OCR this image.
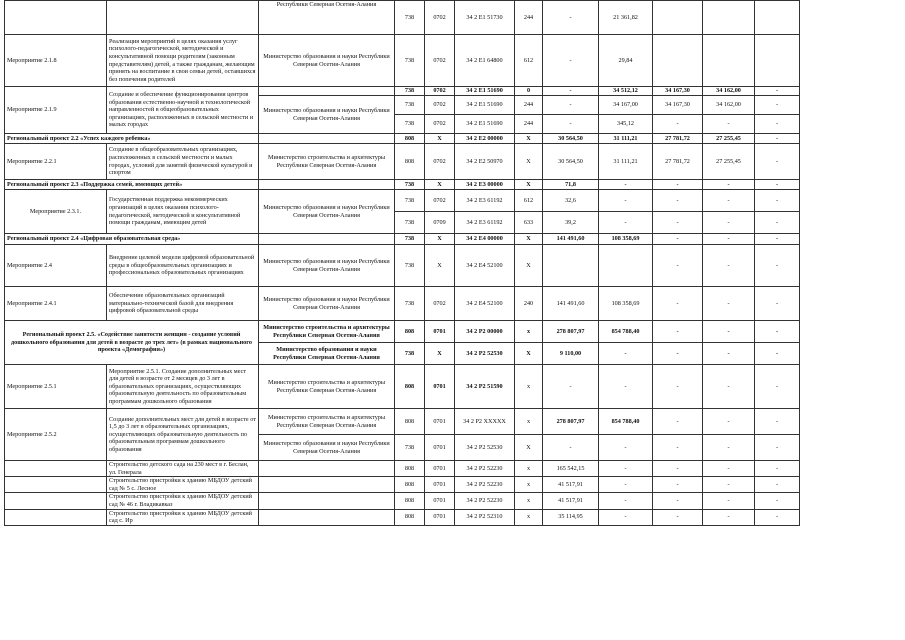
		Республики Северная Осетия-Алания	738	0702	34 2 E1 51730	244	-	21 361,82			
Мероприятие 2.1.8	Реализация мероприятий в целях оказания услуг психолого-педагогической, методической и консультативной помощи родителям (законным представителям) детей, а также гражданам, желающим принять на воспитание в свои семьи детей, оставшихся без попечения родителей	Министерство образования и науки Республики Северная Осетия-Алания	738	0702	34 2 E1 64800	612	-	29,84			
Мероприятие 2.1.9	Создание и обеспечение функционирования центров образования естественно-научной и технологической направленностей в общеобразовательных организациях, расположенных в сельской местности и малых городах		738	0702	34 2 E1 51690	0	-	34 512,12	34 167,30	34 162,00	-
		Министерство образования и науки Республики Северная Осетия-Алания	738	0702	34 2 E1 51690	244	-	34 167,00	34 167,30	34 162,00	-
			738	0702	34 2 E1 51690	244	-	345,12	-	-	-
Региональный проект 2.2 «Успех каждого ребенка»			808	X	34 2 E2 00000	X	30 564,50	31 111,21	27 781,72	27 255,45	-
Мероприятие 2.2.1	Создание в общеобразовательных организациях, расположенных в сельской местности и малых городах, условий для занятий физической культурой и спортом	Министерство строительства и архитектуры Республики Северная Осетия-Алания	808	0702	34 2 E2 50970	X	30 564,50	31 111,21	27 781,72	27 255,45	-
Региональный проект 2.3 «Поддержка семей, имеющих детей»			738	X	34 2 E3 00000	X	71,8	-	-	-	-
Мероприятие 2.3.1.	Государственная поддержка некоммерческих организаций в целях оказания психолого-педагогической, методической и консультативной помощи гражданам, имеющим детей	Министерство образования и науки Республики Северная Осетия-Алания	738	0702	34 2 E3 61192	612	32,6	-	-	-	-
			738	0709	34 2 E3 61192	633	39,2	-	-	-	-
Региональный проект 2.4 «Цифровая образовательная среда»			738	X	34 2 E4 00000	X	141 491,60	108 358,69	-	-	-
Мероприятие 2.4	Внедрение целевой модели цифровой образовательной среды в общеобразовательных организациях и профессиональных образовательных организациях	Министерство образования и науки Республики Северная Осетия-Алания	738	X	34 2 E4 52100	X			-	-	-
Мероприятие 2.4.1	Обеспечение образовательных организаций материально-технической базой для внедрения цифровой образовательной среды	Министерство образования и науки Республики Северная Осетия-Алания	738	0702	34 2 E4 52100	240	141 491,60	108 358,69	-	-	-
Региональный проект 2.5. «Содействие занятости женщин - создание условий дошкольного образования для детей в возрасте до трех лет» (в рамках национального проекта «Демография»)		Министерство строительства и архитектуры Республики Северная Осетия-Алания	808	0701	34 2 P2 00000	x	278 807,97	854 788,40	-	-	-
		Министерство образования и науки Республики Северная Осетия-Алания	738	X	34 2 P2 52530	X	9 110,00	-	-	-	-
Мероприятие 2.5.1	Мероприятие 2.5.1. Создание дополнительных мест для детей в возрасте от 2 месяцев до 3 лет в образовательных организациях, осуществляющих образовательную деятельность по образовательным программам дошкольного образования	Министерство строительства и архитектуры Республики Северная Осетия-Алания	808	0701	34 2 P2 51590	x	-	-	-	-	-
Мероприятие 2.5.2	Создание дополнительных мест для детей в возрасте от 1,5 до 3 лет в образовательных организациях, осуществляющих образовательную деятельность по образовательным программам дошкольного образования	Министерство строительства и архитектуры Республики Северная Осетия-Алания	808	0701	34 2 P2 XXXXX	x	278 807,97	854 788,40	-	-	-
		Министерство образования и науки Республики Северная Осетия-Алания	738	0701	34 2 P2 52530	X	-	-	-	-	-
	Строительство детского сада на 230 мест в г. Беслан, ул. Генерала		808	0701	34 2 P2 52230	x	165 542,15	-	-	-	-
	Строительство пристройки к зданию МБДОУ детский сад № 5 с. Лесное		808	0701	34 2 P2 52230	x	41 517,91	-	-	-	-
	Строительство пристройки к зданию МБДОУ детский сад № 46 г. Владикавказ		808	0701	34 2 P2 52230	x	41 517,91	-	-	-	-
	Строительство пристройки к зданию МБДОУ детский сад с. Ир		808	0701	34 2 P2 52310	x	35 114,95	-	-	-	-
